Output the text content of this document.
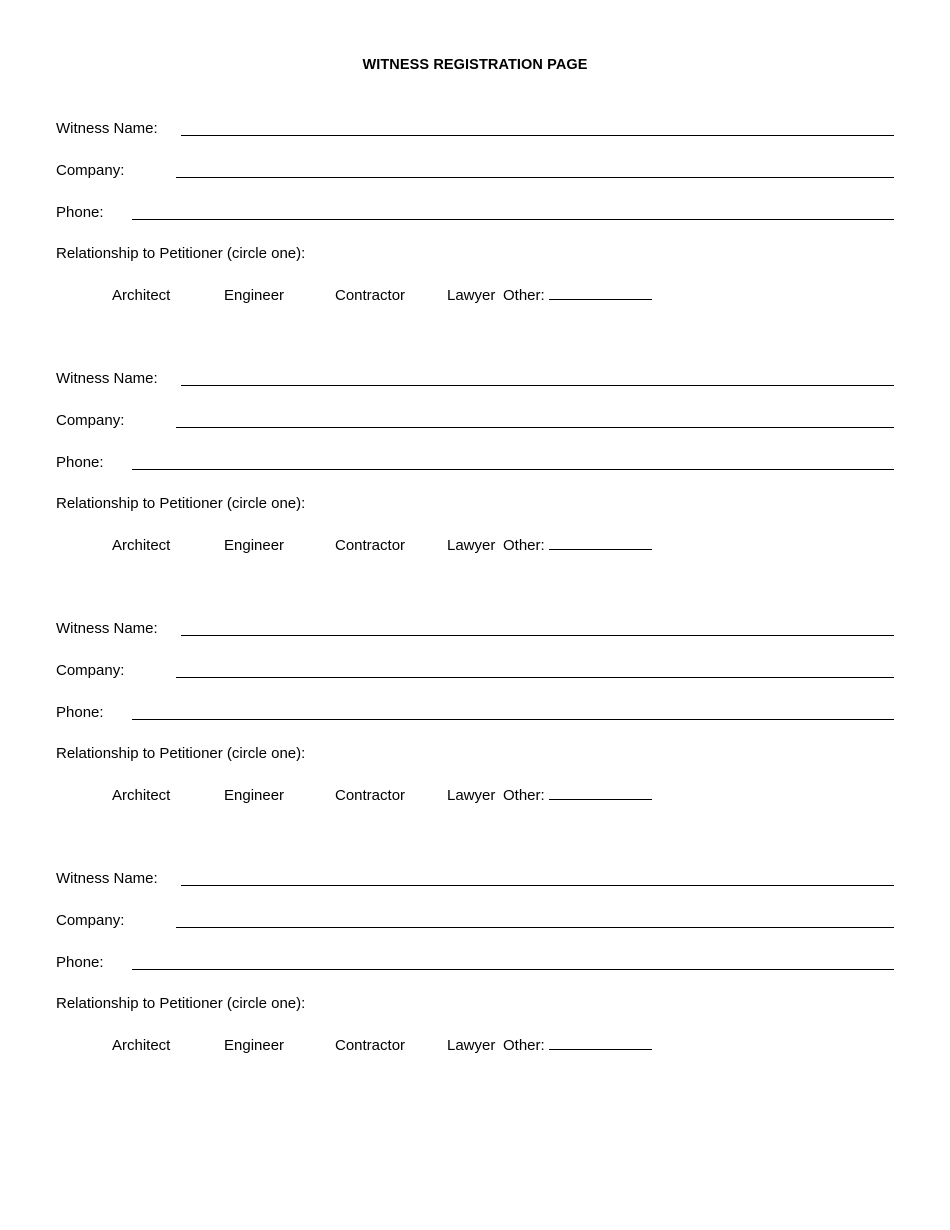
WITNESS REGISTRATION PAGE
Witness Name:
Company:
Phone:
Relationship to Petitioner (circle one):
Architect	Engineer	Contractor	Lawyer Other:
Witness Name:
Company:
Phone:
Relationship to Petitioner (circle one):
Architect	Engineer	Contractor	Lawyer Other:
Witness Name:
Company:
Phone:
Relationship to Petitioner (circle one):
Architect	Engineer	Contractor	Lawyer Other:
Witness Name:
Company:
Phone:
Relationship to Petitioner (circle one):
Architect	Engineer	Contractor	Lawyer Other:
